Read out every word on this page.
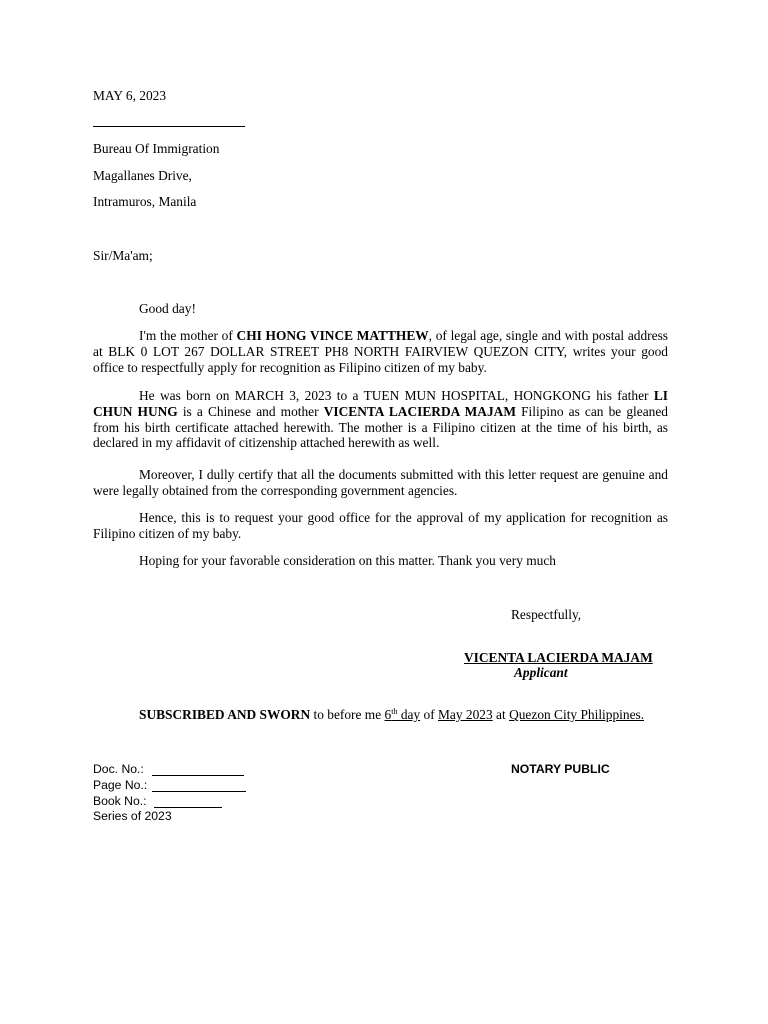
MAY 6, 2023
Bureau Of Immigration
Magallanes Drive,
Intramuros, Manila
Sir/Ma'am;
Good day!
I'm the mother of CHI HONG VINCE MATTHEW, of legal age, single and with postal address at BLK 0 LOT 267 DOLLAR STREET PH8 NORTH FAIRVIEW QUEZON CITY, writes your good office to respectfully apply for recognition as Filipino citizen of my baby.
He was born on MARCH 3, 2023 to a TUEN MUN HOSPITAL, HONGKONG his father LI CHUN HUNG is a Chinese and mother VICENTA LACIERDA MAJAM Filipino as can be gleaned from his birth certificate attached herewith. The mother is a Filipino citizen at the time of his birth, as declared in my affidavit of citizenship attached herewith as well.
Moreover, I dully certify that all the documents submitted with this letter request are genuine and were legally obtained from the corresponding government agencies.
Hence, this is to request your good office for the approval of my application for recognition as Filipino citizen of my baby.
Hoping for your favorable consideration on this matter. Thank you very much
Respectfully,
VICENTA LACIERDA MAJAM
Applicant
SUBSCRIBED AND SWORN to before me 6th day of May 2023 at Quezon City Philippines.
Doc. No.:
Page No.:
Book No.:
Series of 2023
NOTARY PUBLIC
